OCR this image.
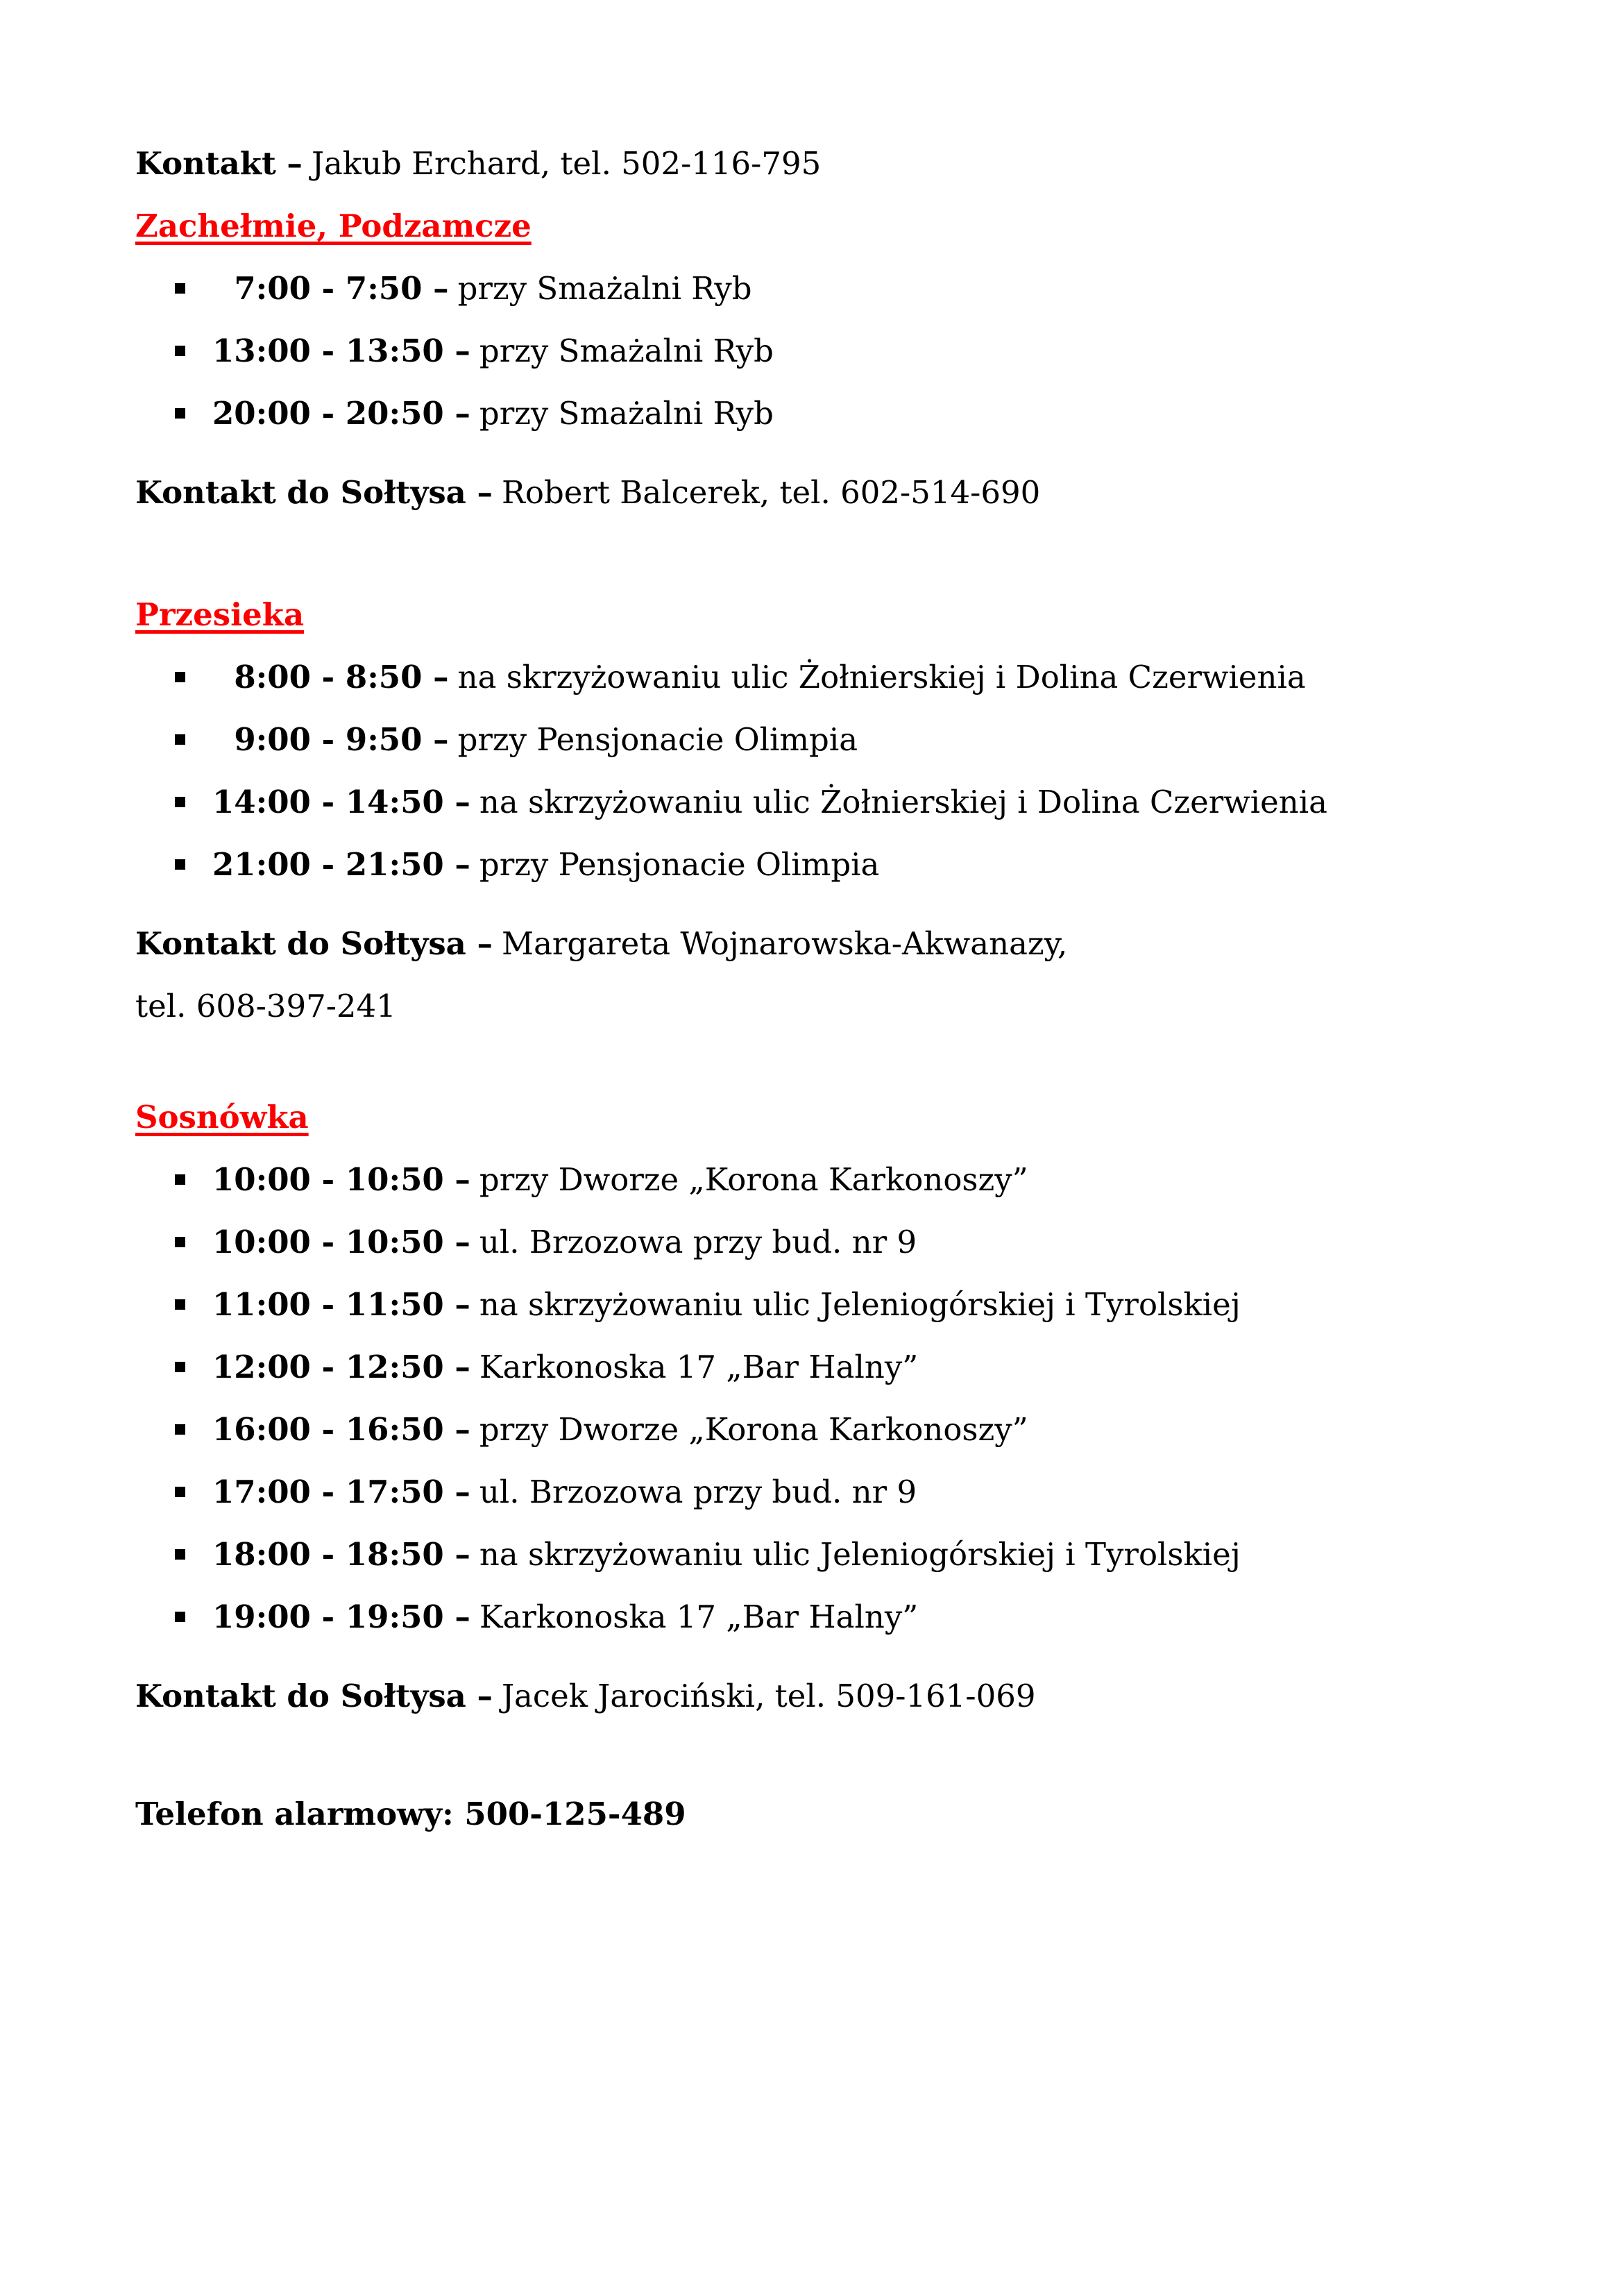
Kontakt – Jakub Erchard, tel. 502-116-795

Zachełmie, Podzamcze

7:00 - 7:50 – przy Smażalni Ryb
13:00 - 13:50 – przy Smażalni Ryb
20:00 - 20:50 – przy Smażalni Ryb

Kontakt do Sołtysa – Robert Balcerek, tel. 602-514-690

Przesieka

8:00 - 8:50 – na skrzyżowaniu ulic Żołnierskiej i Dolina Czerwienia
9:00 - 9:50 – przy Pensjonacie Olimpia
14:00 - 14:50 – na skrzyżowaniu ulic Żołnierskiej i Dolina Czerwienia
21:00 - 21:50 – przy Pensjonacie Olimpia

Kontakt do Sołtysa – Margareta Wojnarowska-Akwanazy,
tel. 608-397-241

Sosnówka

10:00 - 10:50 – przy Dworze „Korona Karkonoszy”
10:00 - 10:50 – ul. Brzozowa przy bud. nr 9
11:00 - 11:50 – na skrzyżowaniu ulic Jeleniogórskiej i Tyrolskiej
12:00 - 12:50 – Karkonoska 17 „Bar Halny”
16:00 - 16:50 – przy Dworze „Korona Karkonoszy”
17:00 - 17:50 – ul. Brzozowa przy bud. nr 9
18:00 - 18:50 – na skrzyżowaniu ulic Jeleniogórskiej i Tyrolskiej
19:00 - 19:50 – Karkonoska 17 „Bar Halny”

Kontakt do Sołtysa – Jacek Jarociński, tel. 509-161-069

Telefon alarmowy: 500-125-489
